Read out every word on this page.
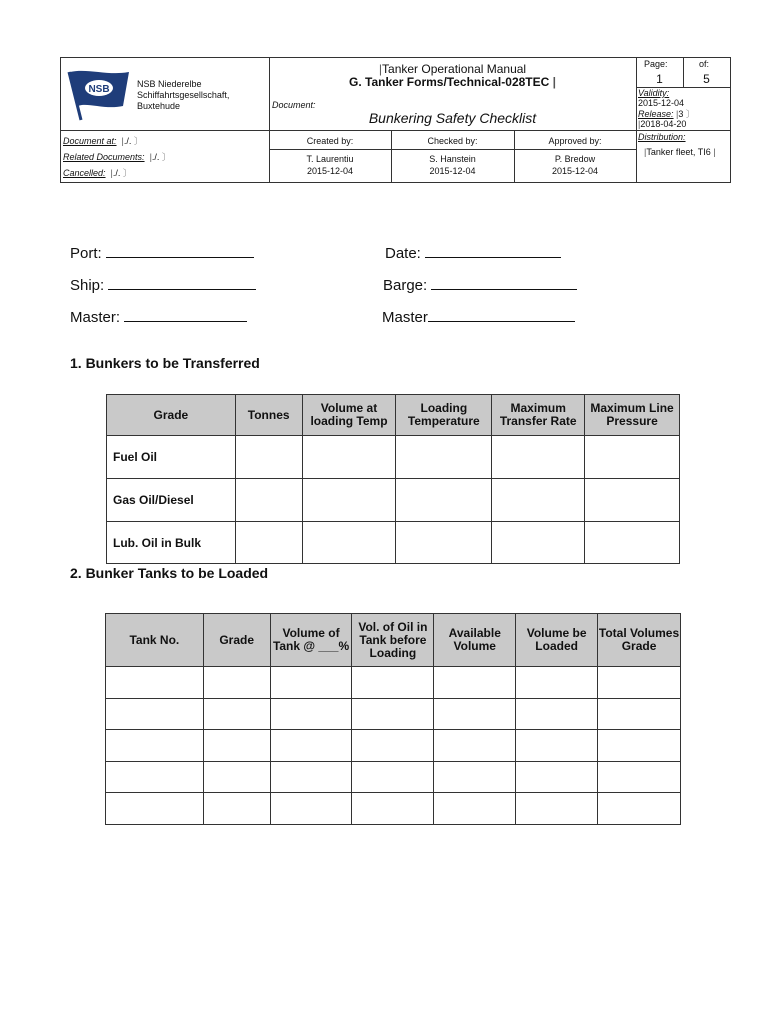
NSB	NSB Niederelbe
Schiffahrtsgesellschaft,
Buxtehude
|Tanker Operational Manual
G. Tanker Forms/Technical-028TEC |
Document:
Bunkering Safety Checklist
Page:
1
of:
5
Validity:
2015-12-04
Release: |3 〕
|2018-04-20
Document at:  |./. 〕
Related Documents:  |./. 〕
Cancelled:  |./. 〕
Created by:
T. Laurentiu
2015-12-04
Checked by:
S. Hanstein
2015-12-04
Approved by:
P. Bredow
2015-12-04
Distribution:
|Tanker fleet, TI6 |
Port:	Date:
Ship:	Barge:
Master:	Master
1. Bunkers to be Transferred
Grade	Tonnes	Volume at loading Temp	Loading Temperature	Maximum Transfer Rate	Maximum Line Pressure
Fuel Oil					
Gas Oil/Diesel					
Lub. Oil in Bulk					
2. Bunker Tanks to be Loaded
Tank No.	Grade	Volume of Tank @ ___%	Vol. of Oil in Tank before Loading	Available Volume	Volume be Loaded	Total Volumes Grade
